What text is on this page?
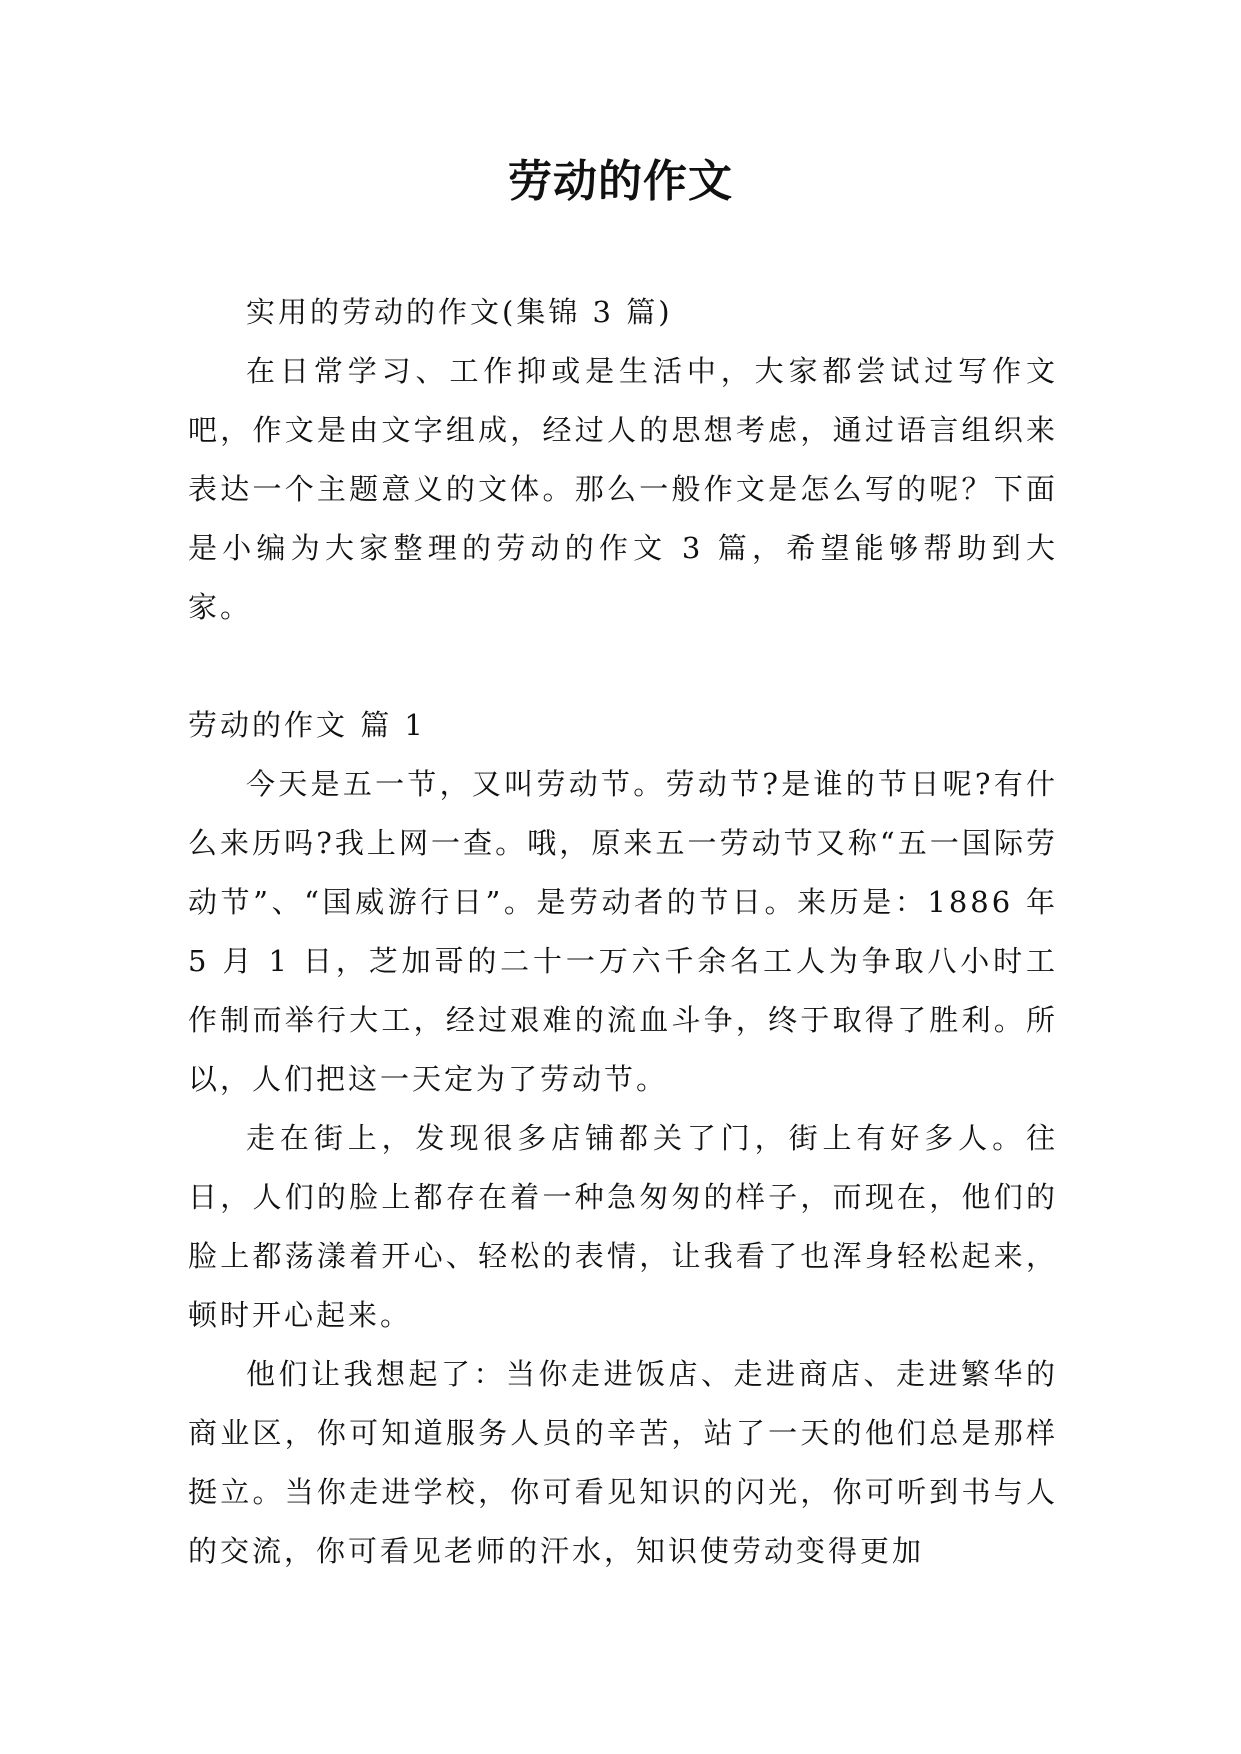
劳动的作文

实用的劳动的作文(集锦 3 篇)

在日常学习、工作抑或是生活中，大家都尝试过写作文吧，作文是由文字组成，经过人的思想考虑，通过语言组织来表达一个主题意义的文体。那么一般作文是怎么写的呢？下面是小编为大家整理的劳动的作文 3 篇，希望能够帮助到大家。

劳动的作文 篇 1

今天是五一节，又叫劳动节。劳动节?是谁的节日呢?有什么来历吗?我上网一查。哦，原来五一劳动节又称“五一国际劳动节”、“国威游行日”。是劳动者的节日。来历是：1886 年 5 月 1 日，芝加哥的二十一万六千余名工人为争取八小时工作制而举行大工，经过艰难的流血斗争，终于取得了胜利。所以，人们把这一天定为了劳动节。

走在街上，发现很多店铺都关了门，街上有好多人。往日，人们的脸上都存在着一种急匆匆的样子，而现在，他们的脸上都荡漾着开心、轻松的表情，让我看了也浑身轻松起来，顿时开心起来。

他们让我想起了：当你走进饭店、走进商店、走进繁华的商业区，你可知道服务人员的辛苦，站了一天的他们总是那样挺立。当你走进学校，你可看见知识的闪光，你可听到书与人的交流，你可看见老师的汗水，知识使劳动变得更加
